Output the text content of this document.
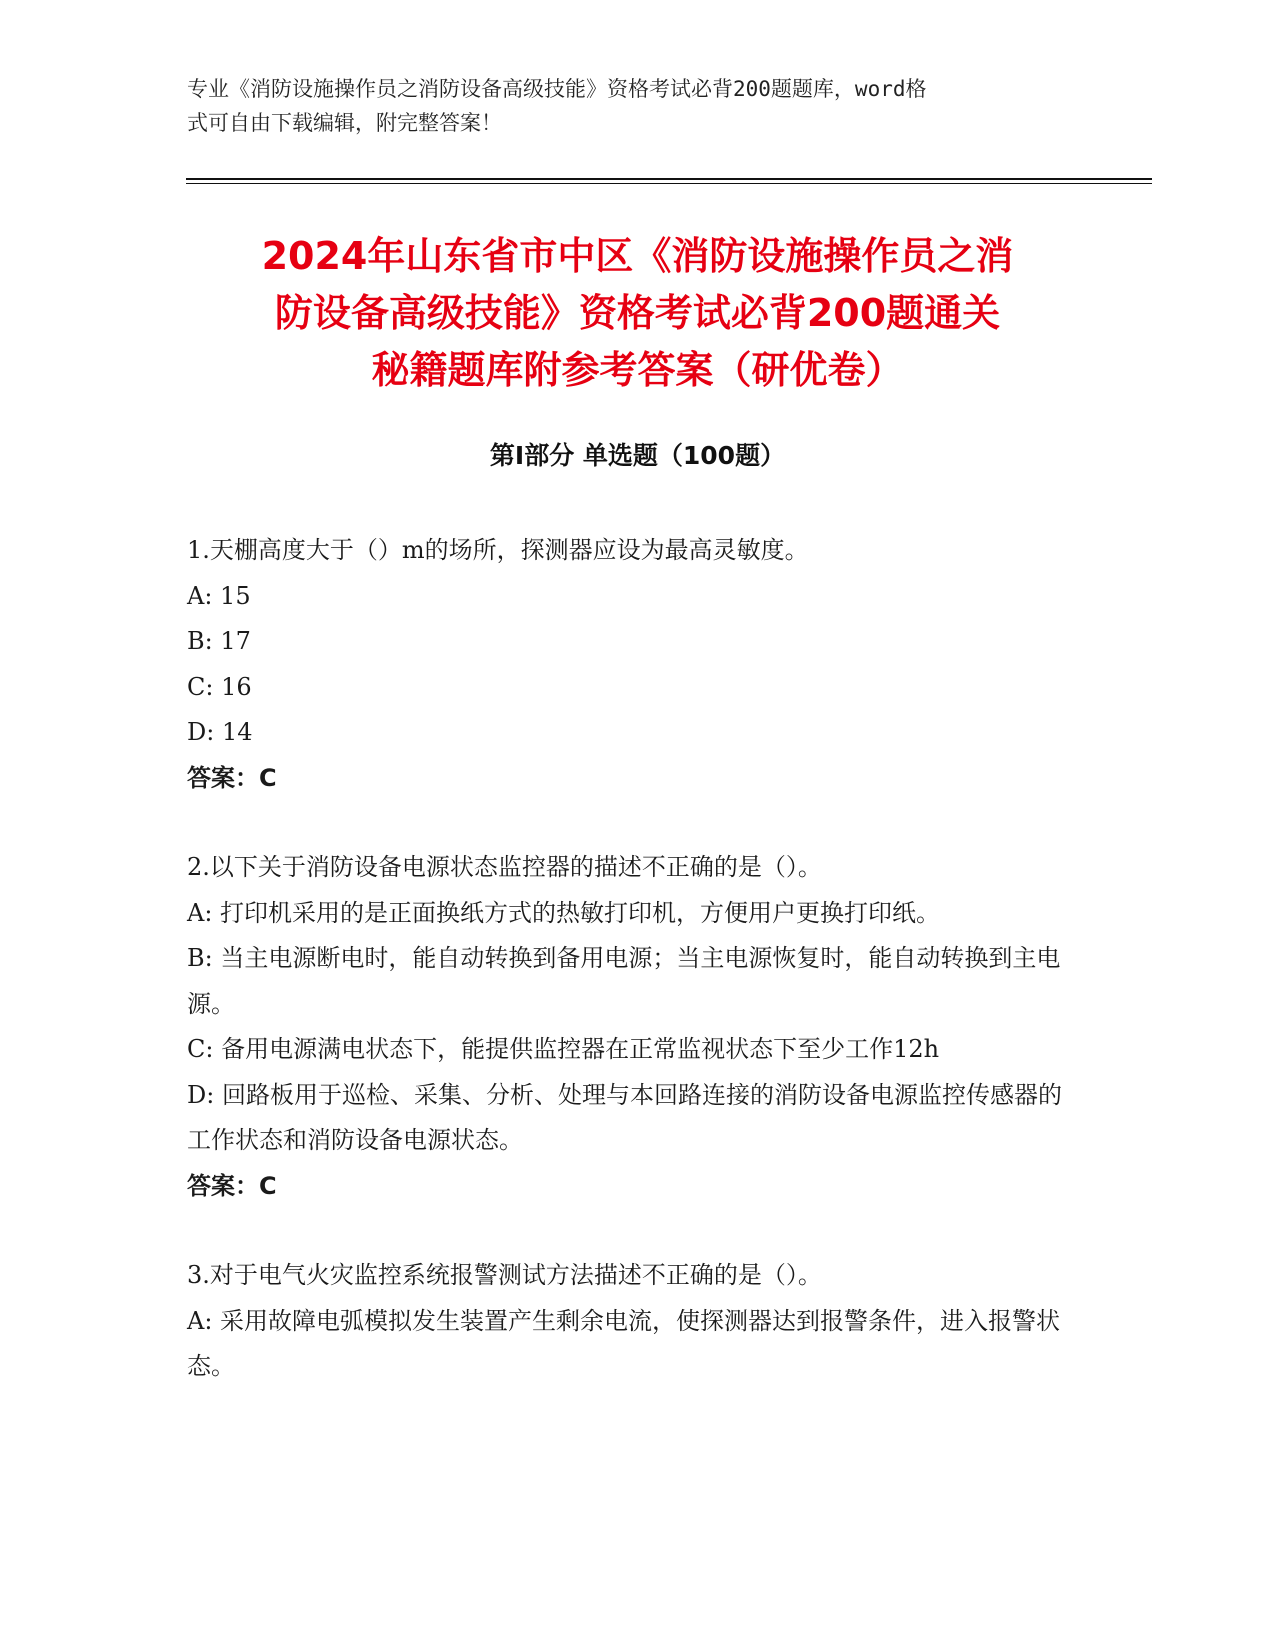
专业《消防设施操作员之消防设备高级技能》资格考试必背200题题库，word格
式可自由下载编辑，附完整答案！
2024年山东省市中区《消防设施操作员之消
防设备高级技能》资格考试必背200题通关
秘籍题库附参考答案（研优卷）
第Ⅰ部分 单选题（100题）

1.天棚高度大于（）m的场所，探测器应设为最高灵敏度。

A: 15

B: 17

C: 16

D: 14

答案：C

2.以下关于消防设备电源状态监控器的描述不正确的是（）。

A: 打印机采用的是正面换纸方式的热敏打印机，方便用户更换打印纸。

B: 当主电源断电时，能自动转换到备用电源；当主电源恢复时，能自动转换到主电源。

C: 备用电源满电状态下，能提供监控器在正常监视状态下至少工作12h

D: 回路板用于巡检、采集、分析、处理与本回路连接的消防设备电源监控传感器的工作状态和消防设备电源状态。

答案：C

3.对于电气火灾监控系统报警测试方法描述不正确的是（）。

A: 采用故障电弧模拟发生装置产生剩余电流，使探测器达到报警条件，进入报警状态。
